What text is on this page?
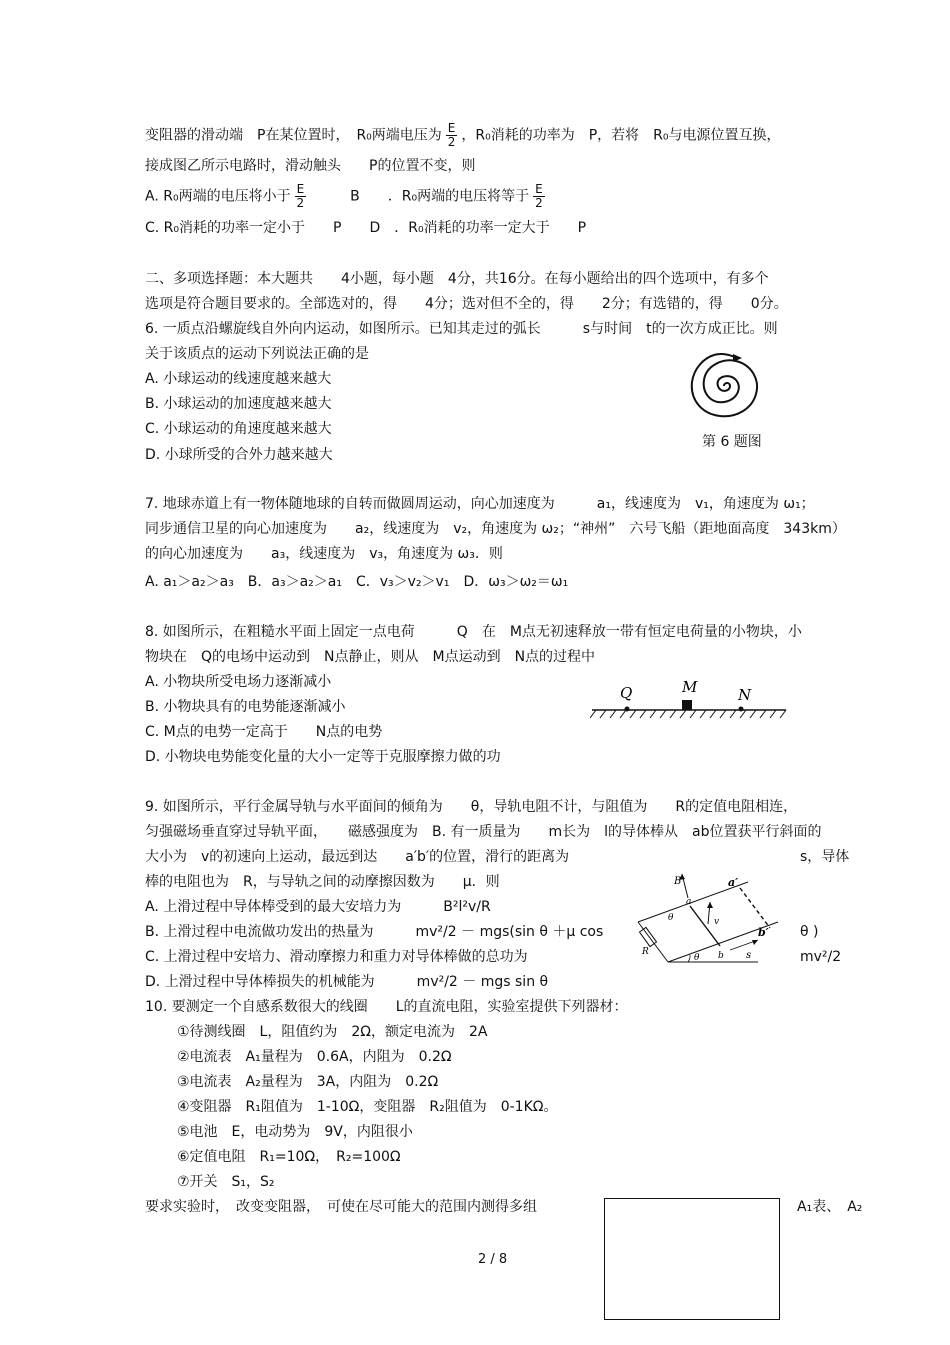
变阻器的滑动端　P在某位置时，　R₀两端电压为 $\frac{E}{2}$ ，R₀消耗的功率为　P，若将　R₀与电源位置互换，
接成图乙所示电路时，滑动触头　　P的位置不变，则
A. R₀两端的电压将小于 $\frac{E}{2}$	B　　．R₀两端的电压将等于 $\frac{E}{2}$
C. R₀消耗的功率一定小于　　P　　D　．R₀消耗的功率一定大于　　P
二、多项选择题：本大题共　　4小题，每小题　4分，共16分。在每小题给出的四个选项中，有多个
选项是符合题目要求的。全部选对的，得　　4分；选对但不全的，得　　2分；有选错的，得　　0分。
6. 一质点沿螺旋线自外向内运动，如图所示。已知其走过的弧长　　　s与时间　t的一次方成正比。则
关于该质点的运动下列说法正确的是
A. 小球运动的线速度越来越大
B. 小球运动的加速度越来越大
C. 小球运动的角速度越来越大
D. 小球所受的合外力越来越大
第 6 题图
7. 地球赤道上有一物体随地球的自转而做圆周运动，向心加速度为　　　a₁，线速度为　v₁，角速度为 ω₁；
同步通信卫星的向心加速度为　　a₂，线速度为　v₂，角速度为 ω₂；“神州”　六号飞船（距地面高度　343km）
的向心加速度为　　a₃，线速度为　v₃，角速度为 ω₃．则
A. a₁＞a₂＞a₃　B．a₃＞a₂＞a₁　C．v₃＞v₂＞v₁　D．ω₃＞ω₂＝ω₁
8. 如图所示，在粗糙水平面上固定一点电荷　　　Q　在　M点无初速释放一带有恒定电荷量的小物块，小
物块在　Q的电场中运动到　N点静止，则从　M点运动到　N点的过程中
A. 小物块所受电场力逐渐减小
B. 小物块具有的电势能逐渐减小
C. M点的电势一定高于　　N点的电势
D. 小物块电势能变化量的大小一定等于克服摩擦力做的功
Q	M	N
9. 如图所示，平行金属导轨与水平面间的倾角为　　θ，导轨电阻不计，与阻值为　　R的定值电阻相连，
匀强磁场垂直穿过导轨平面，　　磁感强度为　B. 有一质量为　　m长为　l的导体棒从　ab位置获平行斜面的
大小为　v的初速向上运动，最远到达　　a′b′的位置，滑行的距离为	s，导体
棒的电阻也为　R，与导轨之间的动摩擦因数为　　μ．则
A. 上滑过程中导体棒受到的最大安培力为　　　B²l²v/R
B. 上滑过程中电流做功发出的热量为　　　mv²/2 － mgs(sin θ ＋μ cos	θ )
C. 上滑过程中安培力、滑动摩擦力和重力对导体棒做的总功为	mv²/2
D. 上滑过程中导体棒损失的机械能为　　　mv²/2 － mgs sin θ
B	a′
b′
a
b
θ
θ
R
v
s
10. 要测定一个自感系数很大的线圈　　L的直流电阻，实验室提供下列器材：
①待测线圈　L，阻值约为　2Ω，额定电流为　2A
②电流表　A₁量程为　0.6A，内阻为　0.2Ω
③电流表　A₂量程为　3A，内阻为　0.2Ω
④变阻器　R₁阻值为　1-10Ω，变阻器　R₂阻值为　0-1KΩ。
⑤电池　E，电动势为　9V，内阻很小
⑥定值电阻　R₁=10Ω，　R₂=100Ω
⑦开关　S₁，S₂
要求实验时，　改变变阻器，　可使在尽可能大的范围内测得多组	A₁表、　A₂
2 / 8
